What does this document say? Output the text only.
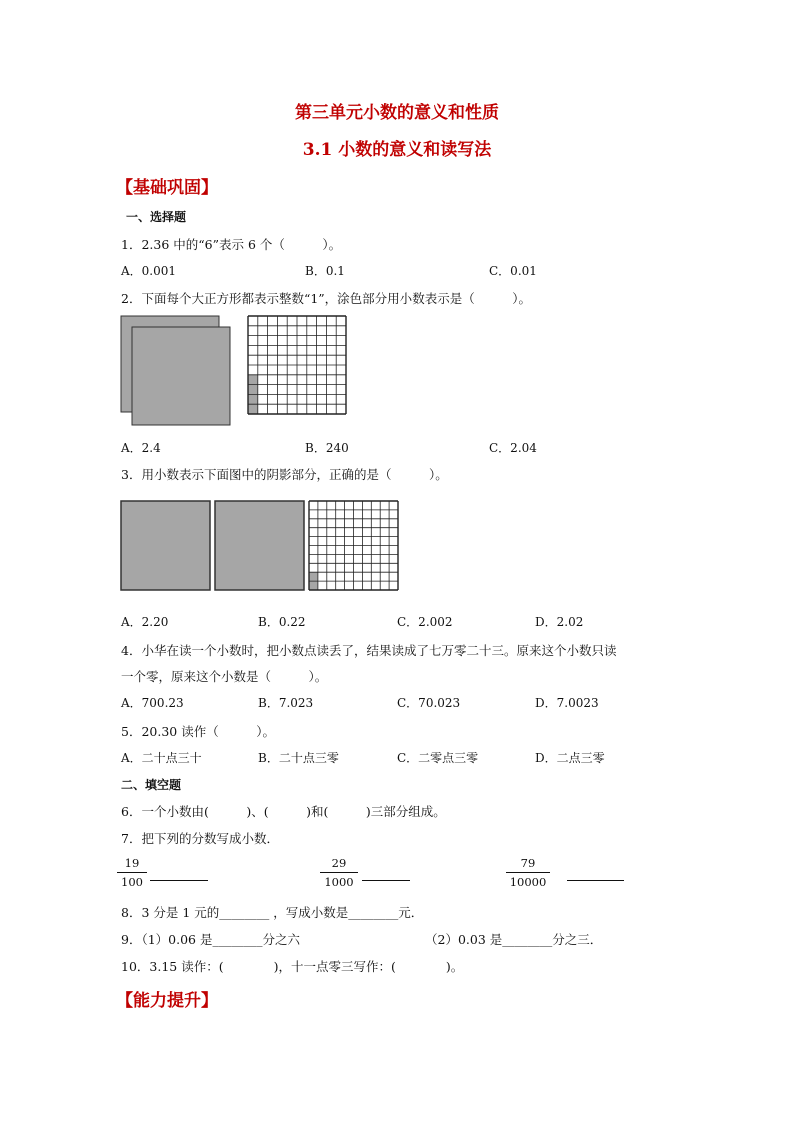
第三单元小数的意义和性质
3.1 小数的意义和读写法
【基础巩固】
一、选择题
1．2.36 中的“6”表示 6 个（　　　）。
A．0.001	B．0.1	C．0.01
2．下面每个大正方形都表示整数“1”，涂色部分用小数表示是（　　　）。
A．2.4	B．240	C．2.04
3．用小数表示下面图中的阴影部分，正确的是（　　　）。
A．2.20	B．0.22	C．2.002	D．2.02
4．小华在读一个小数时，把小数点读丢了，结果读成了七万零二十三。原来这个小数只读
一个零，原来这个小数是（　　　）。
A．700.23	B．7.023	C．70.023	D．7.0023
5．20.30 读作（　　　）。
A．二十点三十	B．二十点三零	C．二零点三零	D．二点三零
二、填空题
6．一个小数由(　　　)、(　　　)和(　　　)三部分组成。
7．把下列的分数写成小数．
19
100
29
1000
79
10000
8．3 分是 1 元的________ ，写成小数是________元．
9．（1）0.06 是________分之六	（2）0.03 是________分之三．
10．3.15 读作：(　　　　)，十一点零三写作：(　　　　)。
【能力提升】
